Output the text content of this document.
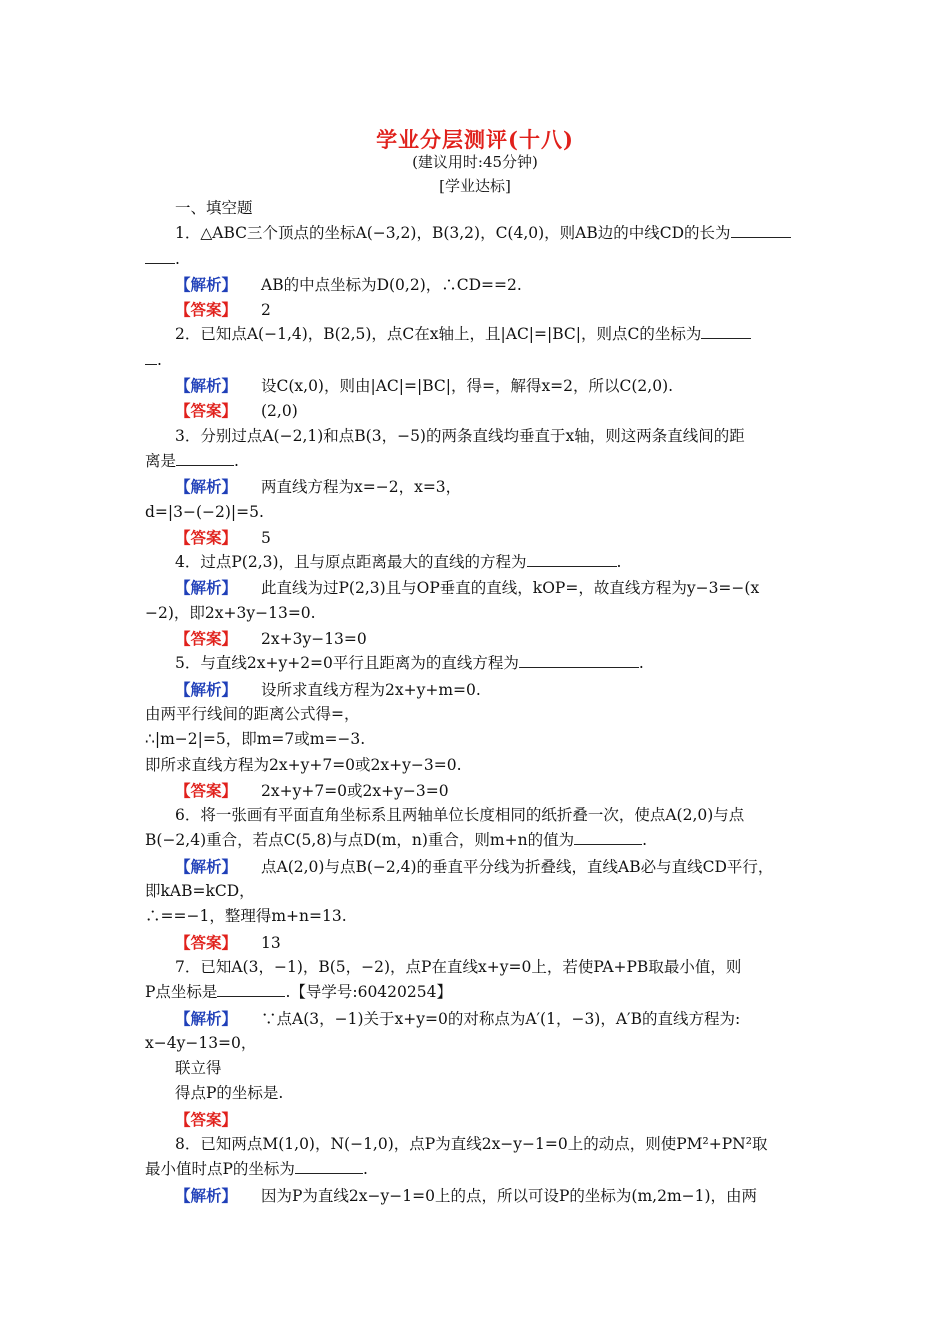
学业分层测评(十八)
(建议用时:45分钟)
[学业达标]
一、填空题
1．△ABC三个顶点的坐标A(−3,2)，B(3,2)，C(4,0)，则AB边的中线CD的长为
.
【解析】 AB的中点坐标为D(0,2)，∴CD==2.
【答案】 2
2．已知点A(−1,4)，B(2,5)，点C在x轴上，且|AC|=|BC|，则点C的坐标为
.
【解析】 设C(x,0)，则由|AC|=|BC|，得=，解得x=2，所以C(2,0).
【答案】 (2,0)
3．分别过点A(−2,1)和点B(3，−5)的两条直线均垂直于x轴，则这两条直线间的距
离是	.
【解析】 两直线方程为x=−2，x=3，
d=|3−(−2)|=5.
【答案】 5
4．过点P(2,3)，且与原点距离最大的直线的方程为	.
【解析】 此直线为过P(2,3)且与OP垂直的直线，kOP=，故直线方程为y−3=−(x
−2)，即2x+3y−13=0.
【答案】 2x+3y−13=0
5．与直线2x+y+2=0平行且距离为的直线方程为	.
【解析】 设所求直线方程为2x+y+m=0.
由两平行线间的距离公式得=，
∴|m−2|=5，即m=7或m=−3.
即所求直线方程为2x+y+7=0或2x+y−3=0.
【答案】 2x+y+7=0或2x+y−3=0
6．将一张画有平面直角坐标系且两轴单位长度相同的纸折叠一次，使点A(2,0)与点
B(−2,4)重合，若点C(5,8)与点D(m，n)重合，则m+n的值为	.
【解析】 点A(2,0)与点B(−2,4)的垂直平分线为折叠线，直线AB必与直线CD平行，
即kAB=kCD，
∴==−1，整理得m+n=13.
【答案】 13
7．已知A(3，−1)，B(5，−2)，点P在直线x+y=0上，若使PA+PB取最小值，则
P点坐标是	.【导学号:60420254】
【解析】 ∵点A(3，−1)关于x+y=0的对称点为A′(1，−3)，A′B的直线方程为:
x−4y−13=0，
联立得
得点P的坐标是.
【答案】
8．已知两点M(1,0)，N(−1,0)，点P为直线2x−y−1=0上的动点，则使PM²+PN²取
最小值时点P的坐标为	.
【解析】 因为P为直线2x−y−1=0上的点，所以可设P的坐标为(m,2m−1)，由两
